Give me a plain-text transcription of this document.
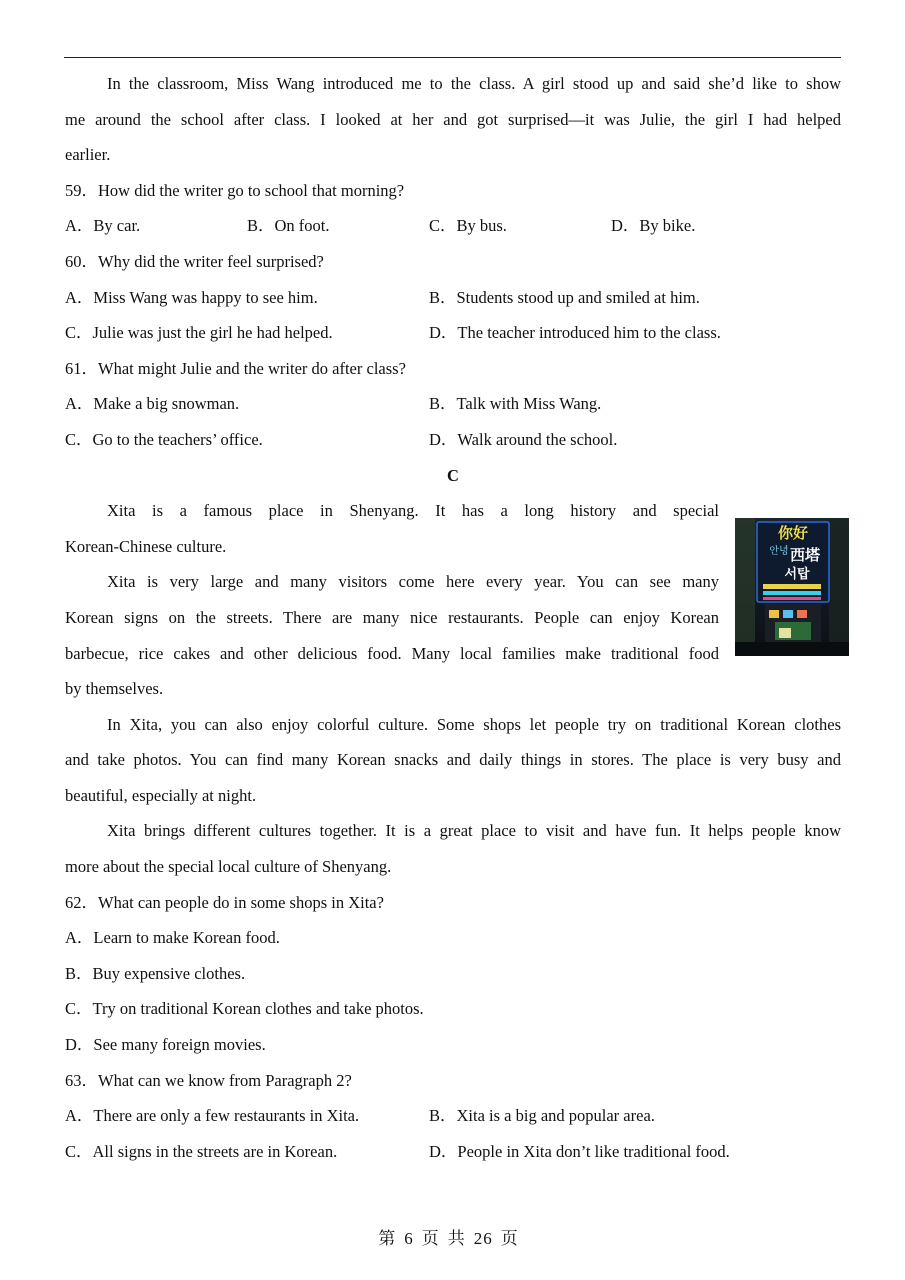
In the classroom, Miss Wang introduced me to the class. A girl stood up and said she’d like to show
me around the school after class. I looked at her and got surprised—it was Julie, the girl I had helped
earlier.
59．How did the writer go to school that morning?
A．By car.	B．On foot.	C．By bus.	D．By bike.
60．Why did the writer feel surprised?
A．Miss Wang was happy to see him.	B．Students stood up and smiled at him.
C．Julie was just the girl he had helped.	D．The teacher introduced him to the class.
61．What might Julie and the writer do after class?
A．Make a big snowman.	B．Talk with Miss Wang.
C．Go to the teachers’ office.	D．Walk around the school.
C
Xita is a famous place in Shenyang. It has a long history and special
Korean-Chinese culture.
Xita is very large and many visitors come here every year. You can see many
Korean signs on the streets. There are many nice restaurants. People can enjoy Korean
barbecue, rice cakes and other delicious food. Many local families make traditional food
by themselves.
In Xita, you can also enjoy colorful culture. Some shops let people try on traditional Korean clothes
and take photos. You can find many Korean snacks and daily things in stores. The place is very busy and
beautiful, especially at night.
Xita brings different cultures together. It is a great place to visit and have fun. It helps people know
more about the special local culture of Shenyang.
62．What can people do in some shops in Xita?
A．Learn to make Korean food.
B．Buy expensive clothes.
C．Try on traditional Korean clothes and take photos.
D．See many foreign movies.
63．What can we know from Paragraph 2?
A．There are only a few restaurants in Xita.	B．Xita is a big and popular area.
C．All signs in the streets are in Korean.	D．People in Xita don’t like traditional food.
你好
안녕 西塔
서탑
第 6 页 共 26 页
